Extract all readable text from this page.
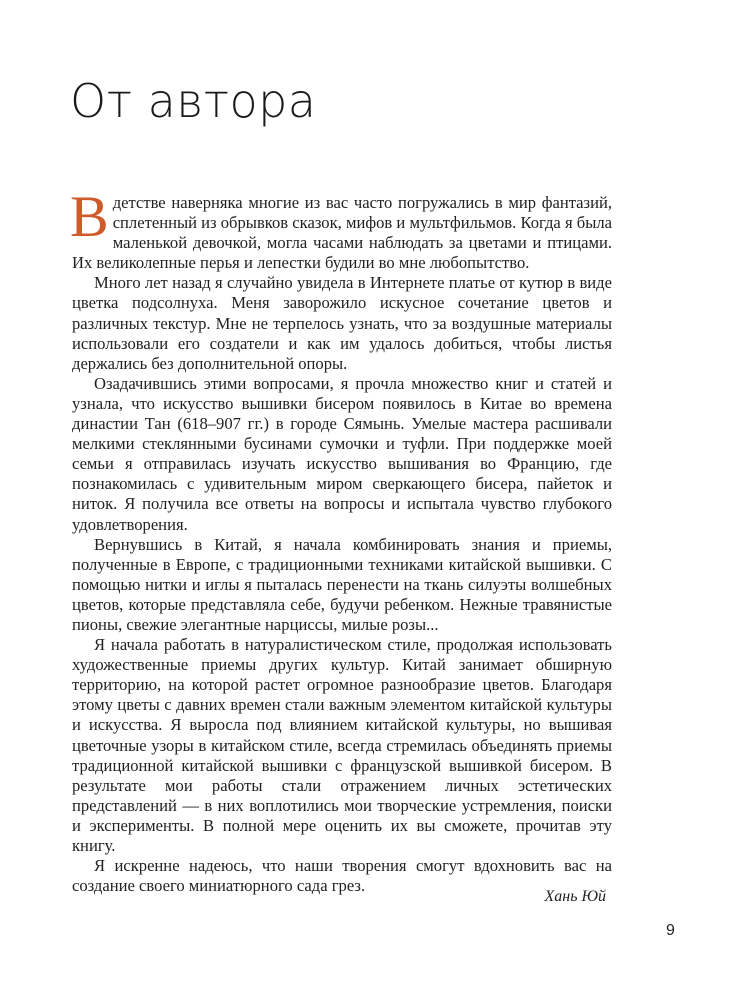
От автора

Вдетстве наверняка многие из вас часто погружались в мир фантазий, сплетенный из обрывков сказок, мифов и мультфильмов. Когда я была маленькой девочкой, могла часами наблюдать за цветами и птицами. Их великолепные перья и лепестки будили во мне любопытство.

Много лет назад я случайно увидела в Интернете платье от кутюр в виде цветка подсолнуха. Меня заворожило искусное сочетание цветов и различных текстур. Мне не терпелось узнать, что за воздушные материалы использовали его создатели и как им удалось добиться, чтобы листья держались без дополнительной опоры.

Озадачившись этими вопросами, я прочла множество книг и статей и узнала, что искусство вышивки бисером появилось в Китае во времена династии Тан (618–907 гг.) в городе Сямынь. Умелые мастера расшивали мелкими стеклянными бусинами сумочки и туфли. При поддержке моей семьи я отправилась изучать искусство вышивания во Францию, где познакомилась с удивительным миром сверкающего бисера, пайеток и ниток. Я получила все ответы на вопросы и испытала чувство глубокого удовлетворения.

Вернувшись в Китай, я начала комбинировать знания и приемы, полученные в Европе, с традиционными техниками китайской вышивки. С помощью нитки и иглы я пыталась перенести на ткань силуэты волшебных цветов, которые представляла себе, будучи ребенком. Нежные травянистые пионы, свежие элегантные нарциссы, милые розы...

Я начала работать в натуралистическом стиле, продолжая использовать художественные приемы других культур. Китай занимает обширную территорию, на которой растет огромное разнообразие цветов. Благодаря этому цветы с давних времен стали важным элементом китайской культуры и искусства. Я выросла под влиянием китайской культуры, но вышивая цветочные узоры в китайском стиле, всегда стремилась объединять приемы традиционной китайской вышивки с французской вышивкой бисером. В результате мои работы стали отражением личных эстетических представлений — в них воплотились мои творческие устремления, поиски и эксперименты. В полной мере оценить их вы сможете, прочитав эту книгу.

Я искренне надеюсь, что наши творения смогут вдохновить вас на создание своего миниатюрного сада грез.

Хань Юй
9
